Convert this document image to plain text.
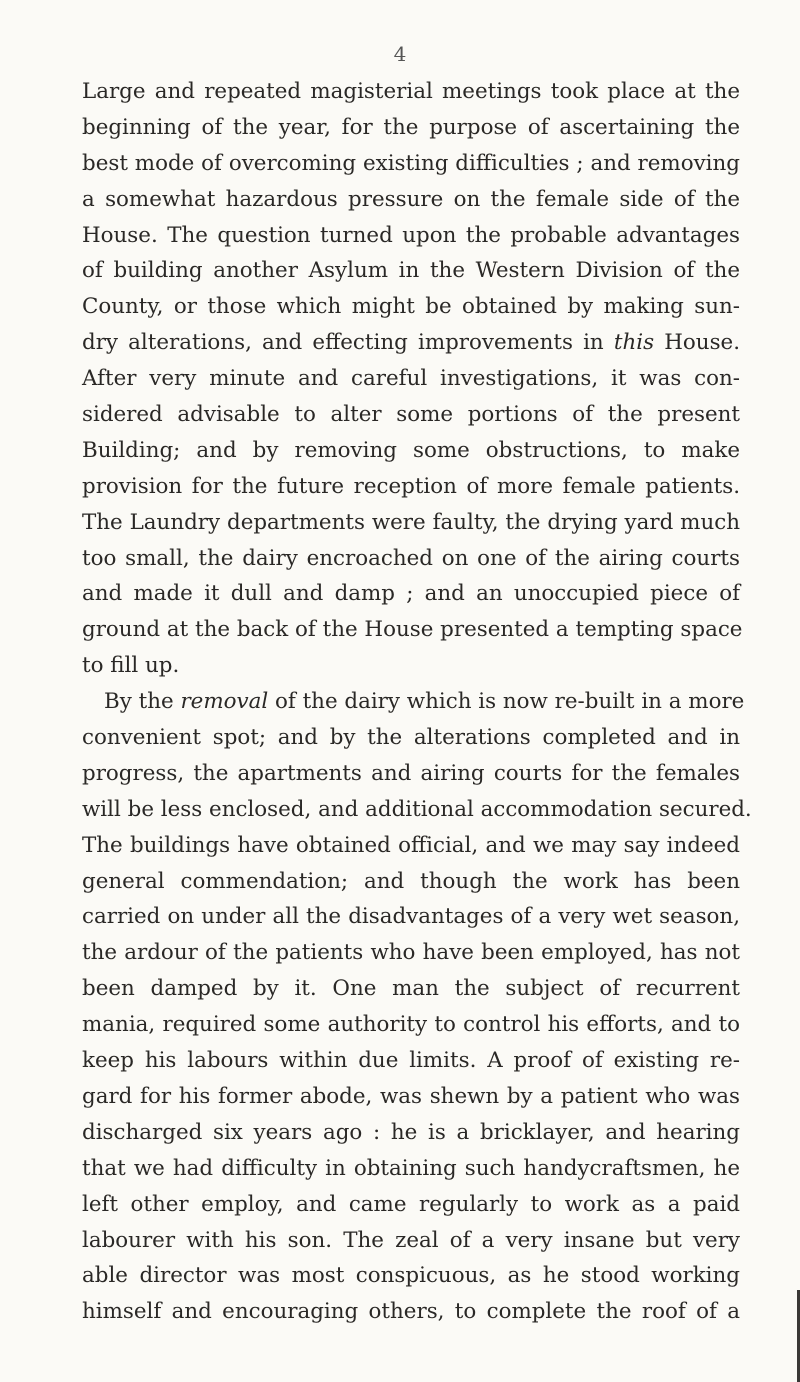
4
Large and repeated magisterial meetings took place at the
beginning of the year, for the purpose of ascertaining the
best mode of overcoming existing difficulties ; and removing
a somewhat hazardous pressure on the female side of the
House. The question turned upon the probable advantages
of building another Asylum in the Western Division of the
County, or those which might be obtained by making sun-
dry alterations, and effecting improvements in this House.
After very minute and careful investigations, it was con-
sidered advisable to alter some portions of the present
Building; and by removing some obstructions, to make
provision for the future reception of more female patients.
The Laundry departments were faulty, the drying yard much
too small, the dairy encroached on one of the airing courts
and made it dull and damp ; and an unoccupied piece of
ground at the back of the House presented a tempting space
to fill up.
By the removal of the dairy which is now re-built in a more
convenient spot; and by the alterations completed and in
progress, the apartments and airing courts for the females
will be less enclosed, and additional accommodation secured.
The buildings have obtained official, and we may say indeed
general commendation; and though the work has been
carried on under all the disadvantages of a very wet season,
the ardour of the patients who have been employed, has not
been damped by it. One man the subject of recurrent
mania, required some authority to control his efforts, and to
keep his labours within due limits. A proof of existing re-
gard for his former abode, was shewn by a patient who was
discharged six years ago : he is a bricklayer, and hearing
that we had difficulty in obtaining such handycraftsmen, he
left other employ, and came regularly to work as a paid
labourer with his son. The zeal of a very insane but very
able director was most conspicuous, as he stood working
himself and encouraging others, to complete the roof of a
